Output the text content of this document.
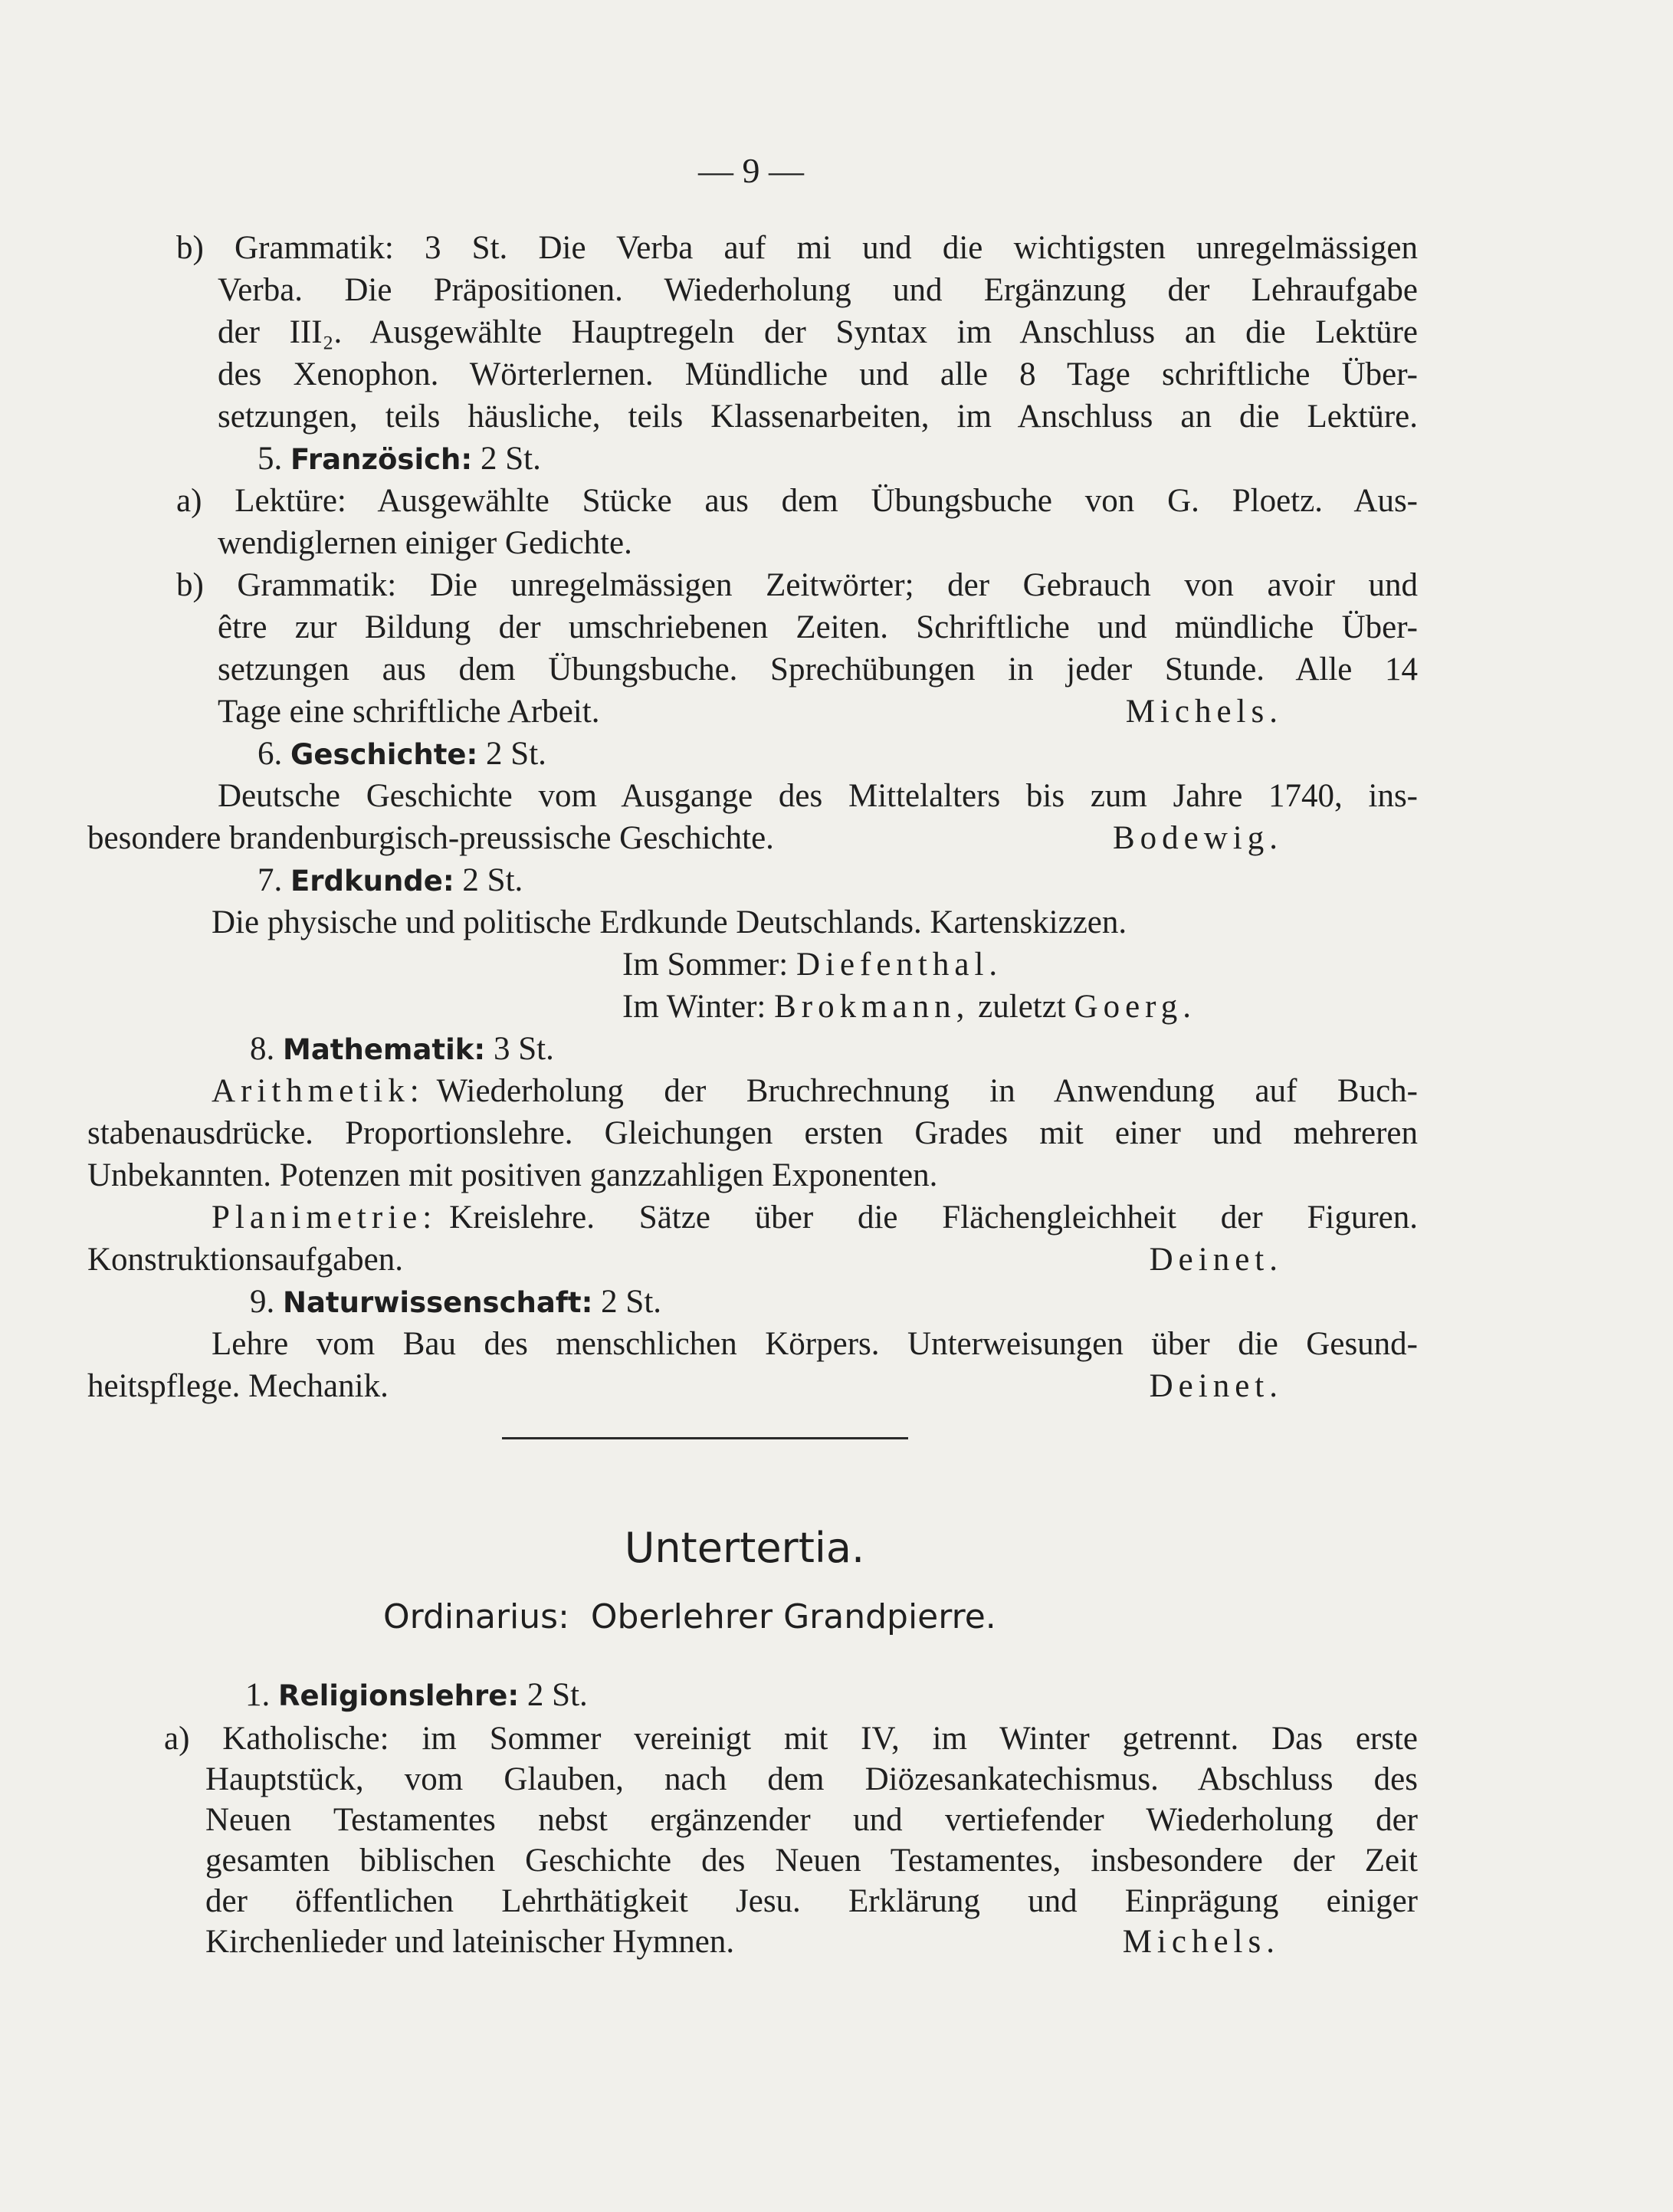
— 9 —
b) Grammatik: 3 St. Die Verba auf mi und die wichtigsten unregelmässigen
Verba. Die Präpositionen. Wiederholung und Ergänzung der Lehraufgabe
der III₂. Ausgewählte Hauptregeln der Syntax im Anschluss an die Lektüre
des Xenophon. Wörterlernen. Mündliche und alle 8 Tage schriftliche Über-
setzungen, teils häusliche, teils Klassenarbeiten, im Anschluss an die Lektüre.
5. Französich: 2 St.
a) Lektüre: Ausgewählte Stücke aus dem Übungsbuche von G. Ploetz. Aus-
wendiglernen einiger Gedichte.
b) Grammatik: Die unregelmässigen Zeitwörter; der Gebrauch von avoir und
être zur Bildung der umschriebenen Zeiten. Schriftliche und mündliche Über-
setzungen aus dem Übungsbuche. Sprechübungen in jeder Stunde. Alle 14
Tage eine schriftliche Arbeit.	Michels.
6. Geschichte: 2 St.
Deutsche Geschichte vom Ausgange des Mittelalters bis zum Jahre 1740, ins-
besondere brandenburgisch-preussische Geschichte.	Bodewig.
7. Erdkunde: 2 St.
Die physische und politische Erdkunde Deutschlands. Kartenskizzen.
Im Sommer: Diefenthal.
Im Winter: Brokmann, zuletzt Goerg.
8. Mathematik: 3 St.
Arithmetik: Wiederholung der Bruchrechnung in Anwendung auf Buch-
stabenausdrücke. Proportionslehre. Gleichungen ersten Grades mit einer und mehreren
Unbekannten. Potenzen mit positiven ganzzahligen Exponenten.
Planimetrie: Kreislehre. Sätze über die Flächengleichheit der Figuren.
Konstruktionsaufgaben.	Deinet.
9. Naturwissenschaft: 2 St.
Lehre vom Bau des menschlichen Körpers. Unterweisungen über die Gesund-
heitspflege. Mechanik.	Deinet.
Untertertia.
Ordinarius: Oberlehrer Grandpierre.
1. Religionslehre: 2 St.
a) Katholische: im Sommer vereinigt mit IV, im Winter getrennt. Das erste
Hauptstück, vom Glauben, nach dem Diözesankatechismus. Abschluss des
Neuen Testamentes nebst ergänzender und vertiefender Wiederholung der
gesamten biblischen Geschichte des Neuen Testamentes, insbesondere der Zeit
der öffentlichen Lehrthätigkeit Jesu. Erklärung und Einprägung einiger
Kirchenlieder und lateinischer Hymnen.	Michels.
